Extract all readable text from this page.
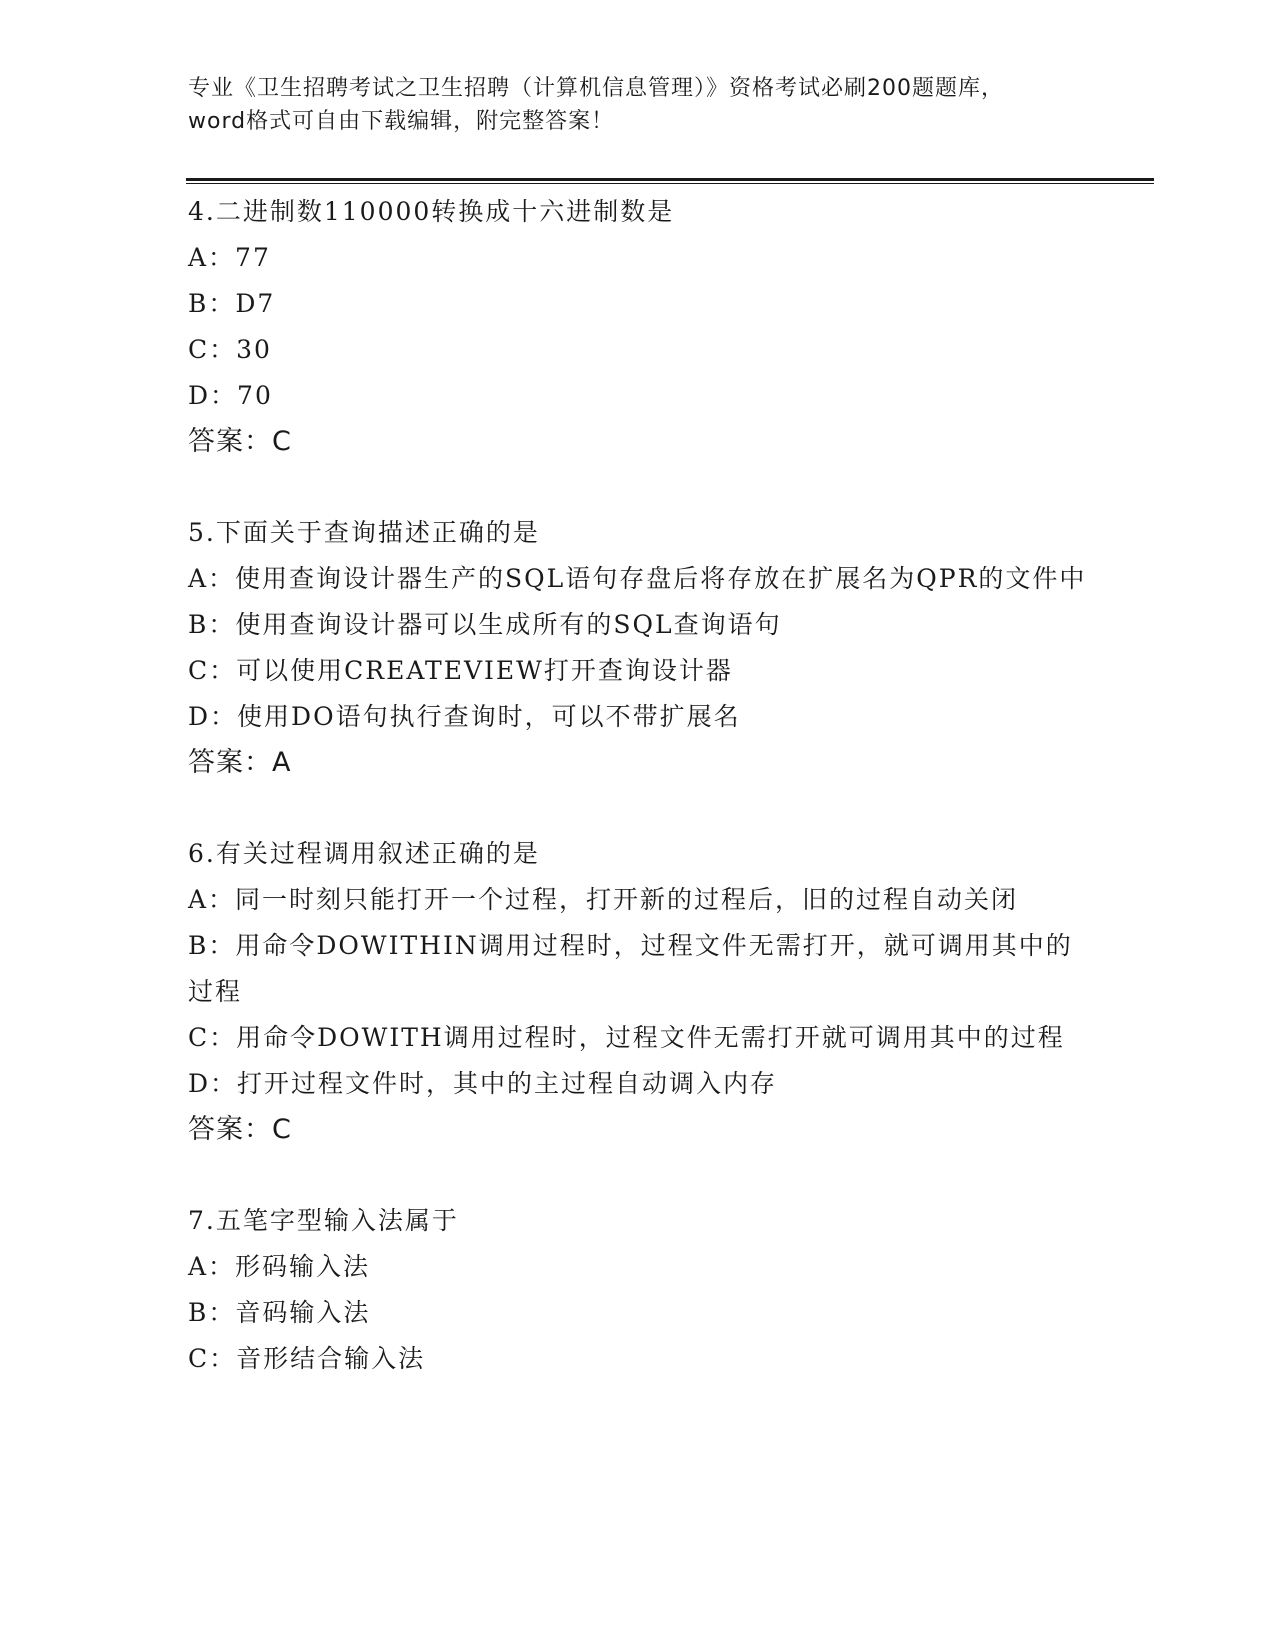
专业《卫生招聘考试之卫生招聘（计算机信息管理）》资格考试必刷200题题库，
word格式可自由下载编辑，附完整答案！
4.二进制数110000转换成十六进制数是
A：77
B：D7
C：30
D：70
答案：C
5.下面关于查询描述正确的是
A：使用查询设计器生产的SQL语句存盘后将存放在扩展名为QPR的文件中
B：使用查询设计器可以生成所有的SQL查询语句
C：可以使用CREATEVIEW打开查询设计器
D：使用DO语句执行查询时，可以不带扩展名
答案：A
6.有关过程调用叙述正确的是
A：同一时刻只能打开一个过程，打开新的过程后，旧的过程自动关闭
B：用命令DOWITHIN调用过程时，过程文件无需打开，就可调用其中的过程
C：用命令DOWITH调用过程时，过程文件无需打开就可调用其中的过程
D：打开过程文件时，其中的主过程自动调入内存
答案：C
7.五笔字型输入法属于
A：形码输入法
B：音码输入法
C：音形结合输入法
